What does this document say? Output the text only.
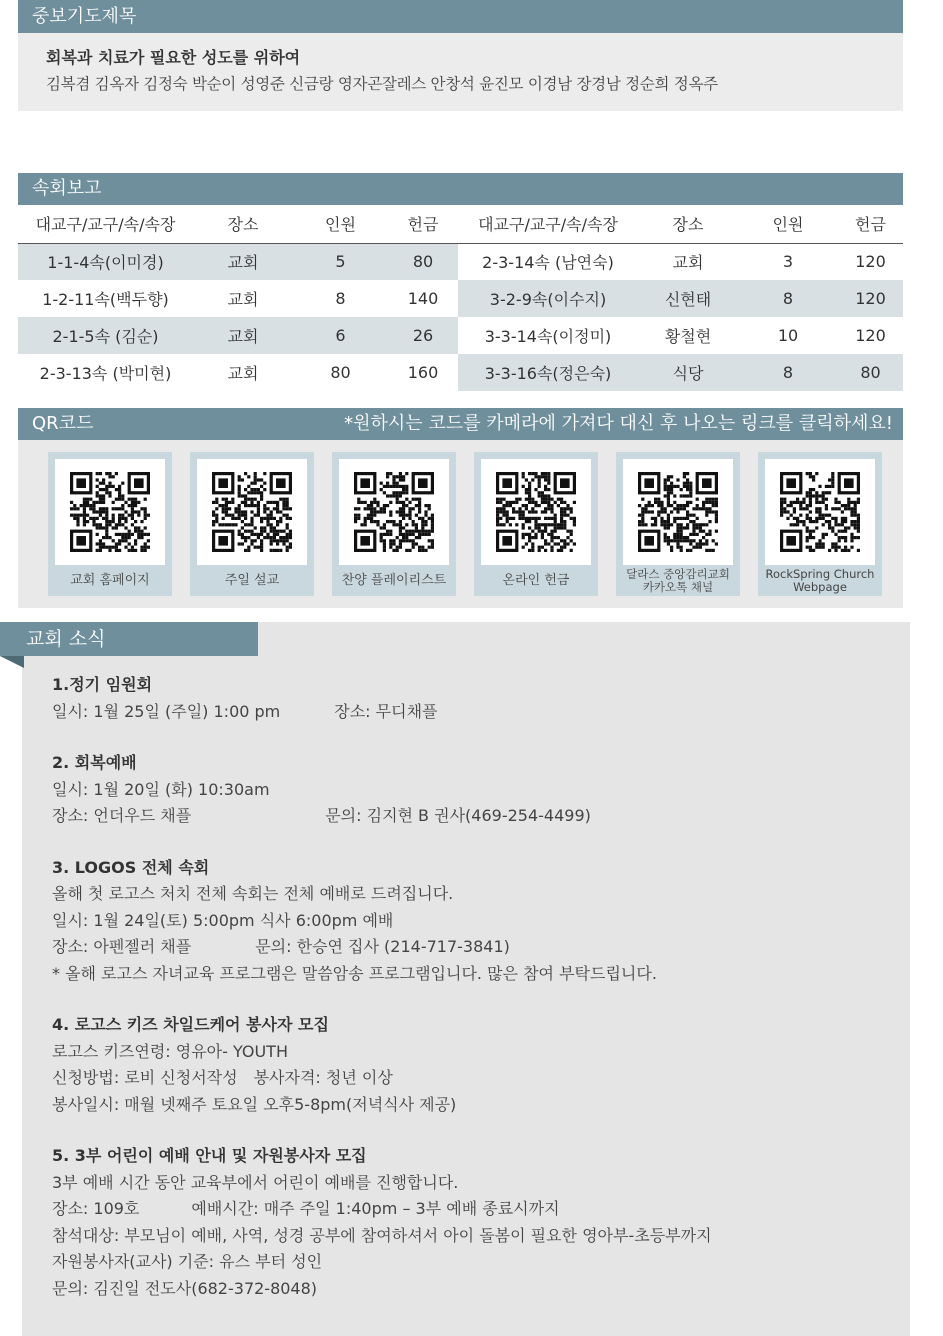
중보기도제목
회복과 치료가 필요한 성도를 위하여
김복겸 김옥자 김정숙 박순이 성영준 신금랑 영자곤잘레스 안창석 윤진모 이경남 장경남 정순희 정옥주
속회보고
대교구/교구/속/속장	장소	인원	헌금	대교구/교구/속/속장	장소	인원	헌금
1-1-4속(이미경)	교회	5	80	2-3-14속 (남연숙)	교회	3	120
1-2-11속(백두향)	교회	8	140	3-2-9속(이수지)	신현태	8	120
2-1-5속 (김순)	교회	6	26	3-3-14속(이정미)	황철현	10	120
2-3-13속 (박미현)	교회	80	160	3-3-16속(정은숙)	식당	8	80
QR코드	*원하시는 코드를 카메라에 가져다 대신 후 나오는 링크를 클릭하세요!
교회 홈페이지	주일 설교	찬양 플레이리스트	온라인 헌금	달라스 중앙감리교회
카카오톡 채널
RockSpring Church
Webpage
교회 소식
1.정기 임원회
일시: 1월 25일 (주일) 1:00 pm	장소: 무디채플
2. 회복예배
일시: 1월 20일 (화) 10:30am
장소: 언더우드 채플	문의: 김지현 B 권사(469-254-4499)
3. LOGOS 전체 속회
올해 첫 로고스 처치 전체 속회는 전체 예배로 드려집니다.
일시: 1월 24일(토) 5:00pm 식사 6:00pm 예배
장소: 아펜젤러 채플	문의: 한승연 집사 (214-717-3841)
* 올해 로고스 자녀교육 프로그램은 말씀암송 프로그램입니다. 많은 참여 부탁드립니다.
4. 로고스 키즈 차일드케어 봉사자 모집
로고스 키즈연령: 영유아- YOUTH
신청방법: 로비 신청서작성 봉사자격: 청년 이상
봉사일시: 매월 넷째주 토요일 오후5-8pm(저녁식사 제공)
5. 3부 어린이 예배 안내 및 자원봉사자 모집
3부 예배 시간 동안 교육부에서 어린이 예배를 진행합니다.
장소: 109호	예배시간: 매주 주일 1:40pm – 3부 예배 종료시까지
참석대상: 부모님이 예배, 사역, 성경 공부에 참여하셔서 아이 돌봄이 필요한 영아부-초등부까지
자원봉사자(교사) 기준: 유스 부터 성인
문의: 김진일 전도사(682-372-8048)
